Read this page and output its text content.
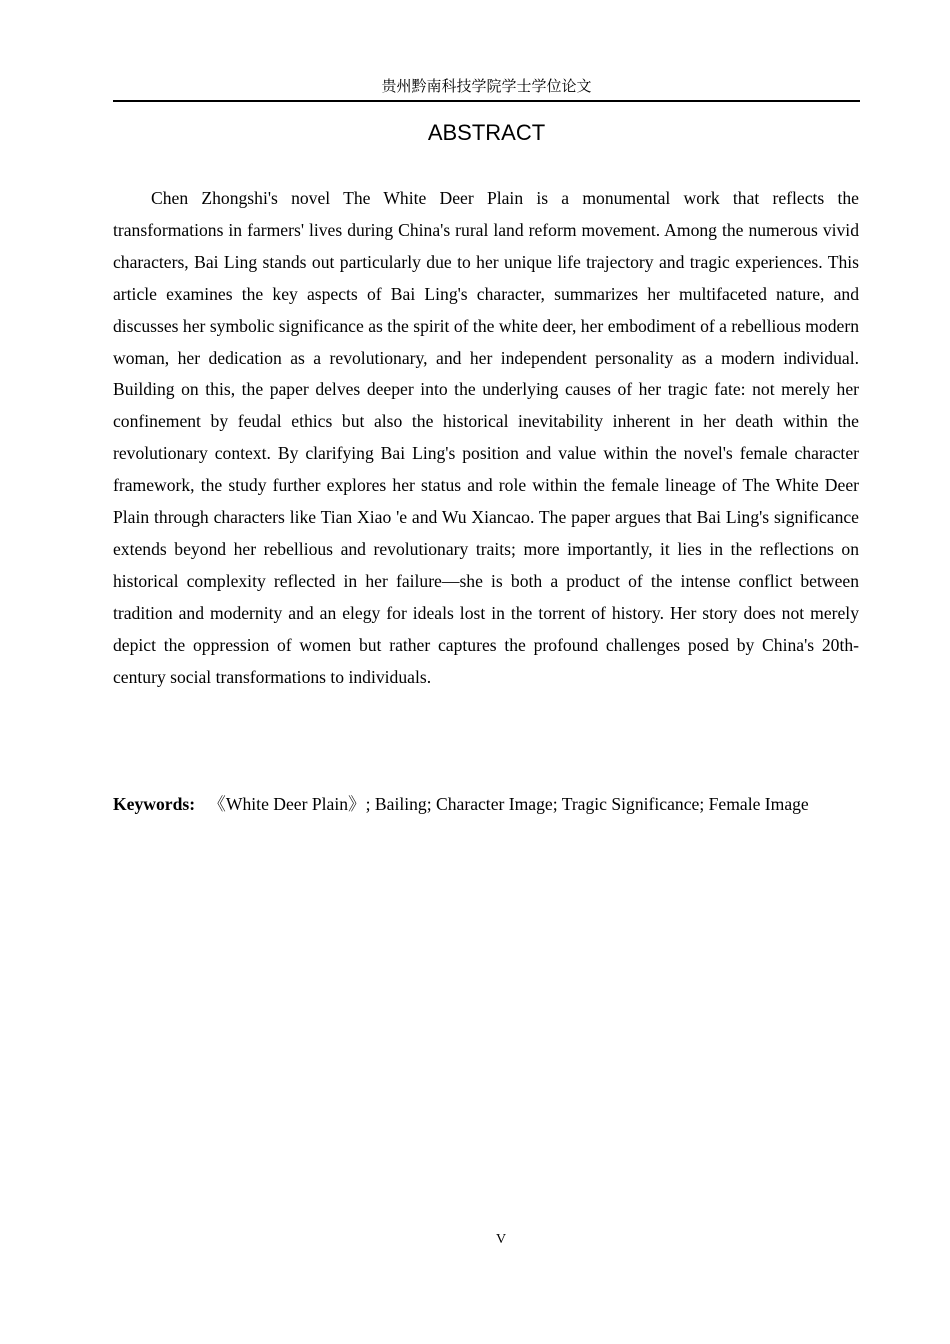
贵州黔南科技学院学士学位论文
ABSTRACT

Chen Zhongshi's novel The White Deer Plain is a monumental work that reflects the transformations in farmers' lives during China's rural land reform movement. Among the numerous vivid characters, Bai Ling stands out particularly due to her unique life trajectory and tragic experiences. This article examines the key aspects of Bai Ling's character, summarizes her multifaceted nature, and discusses her symbolic significance as the spirit of the white deer, her embodiment of a rebellious modern woman, her dedication as a revolutionary, and her independent personality as a modern individual. Building on this, the paper delves deeper into the underlying causes of her tragic fate: not merely her confinement by feudal ethics but also the historical inevitability inherent in her death within the revolutionary context. By clarifying Bai Ling's position and value within the novel's female character framework, the study further explores her status and role within the female lineage of The White Deer Plain through characters like Tian Xiao 'e and Wu Xiancao. The paper argues that Bai Ling's significance extends beyond her rebellious and revolutionary traits; more importantly, it lies in the reflections on historical complexity reflected in her failure—she is both a product of the intense conflict between tradition and modernity and an elegy for ideals lost in the torrent of history. Her story does not merely depict the oppression of women but rather captures the profound challenges posed by China's 20th-century social transformations to individuals.

Keywords: 《White Deer Plain》; Bailing; Character Image; Tragic Significance; Female Image

V
